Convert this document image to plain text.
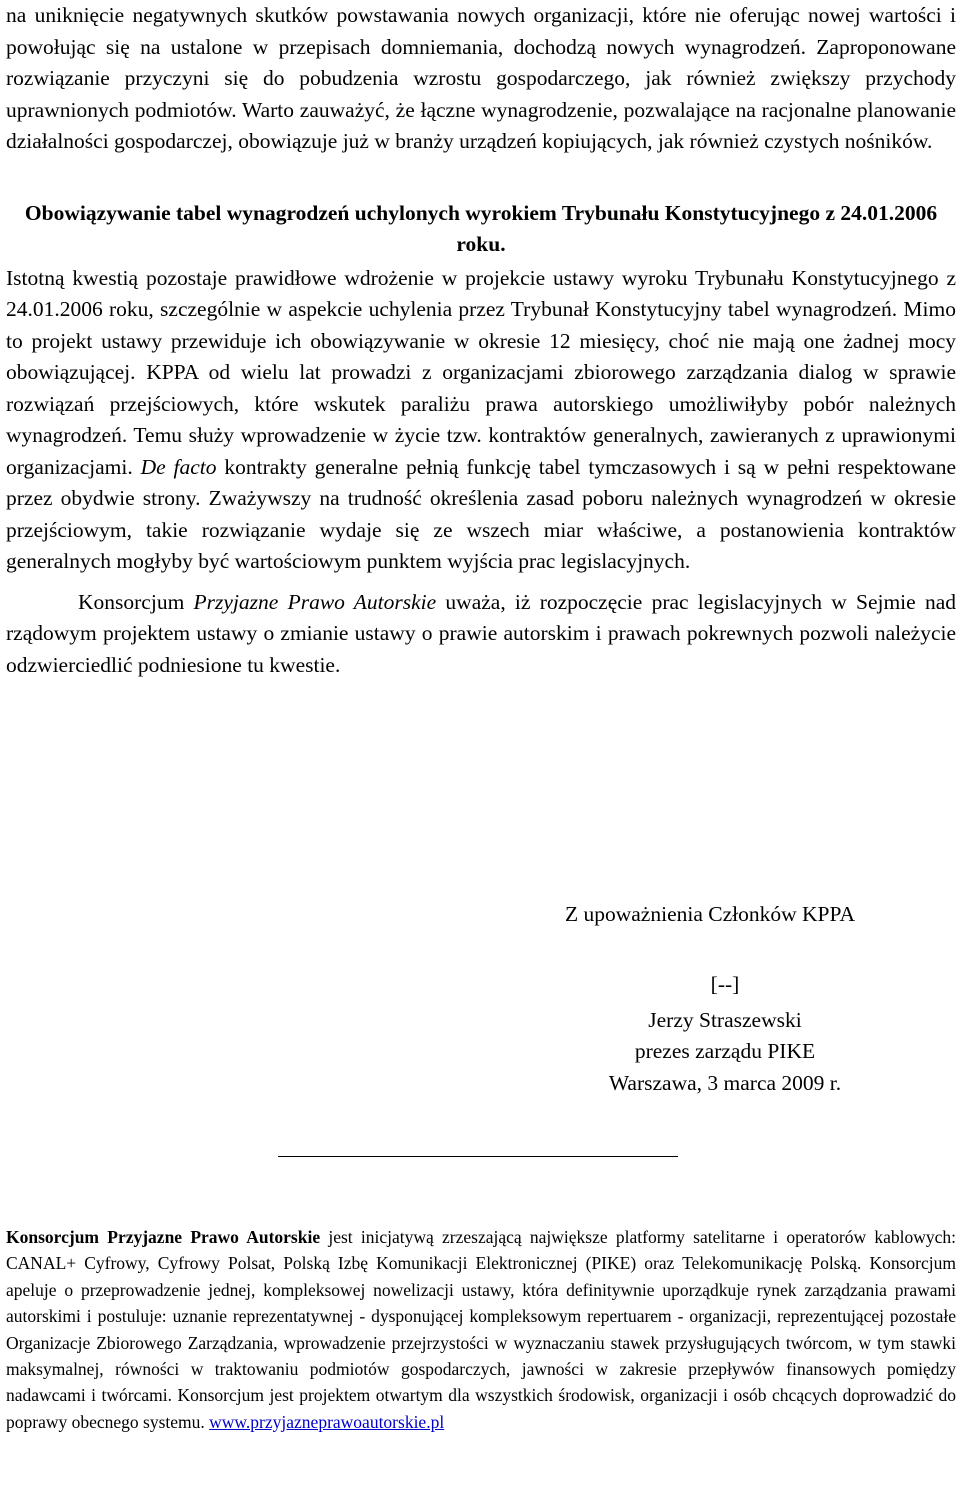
na uniknięcie negatywnych skutków powstawania nowych organizacji, które nie oferując nowej wartości i powołując się na ustalone w przepisach domniemania, dochodzą nowych wynagrodzeń. Zaproponowane rozwiązanie przyczyni się do pobudzenia wzrostu gospodarczego, jak również zwiększy przychody uprawnionych podmiotów. Warto zauważyć, że łączne wynagrodzenie, pozwalające na racjonalne planowanie działalności gospodarczej, obowiązuje już w branży urządzeń kopiujących, jak również czystych nośników.

Obowiązywanie tabel wynagrodzeń uchylonych wyrokiem Trybunału Konstytucyjnego z 24.01.2006 roku.

Istotną kwestią pozostaje prawidłowe wdrożenie w projekcie ustawy wyroku Trybunału Konstytucyjnego z 24.01.2006 roku, szczególnie w aspekcie uchylenia przez Trybunał Konstytucyjny tabel wynagrodzeń. Mimo to projekt ustawy przewiduje ich obowiązywanie w okresie 12 miesięcy, choć nie mają one żadnej mocy obowiązującej. KPPA od wielu lat prowadzi z organizacjami zbiorowego zarządzania dialog w sprawie rozwiązań przejściowych, które wskutek paraliżu prawa autorskiego umożliwiłyby pobór należnych wynagrodzeń. Temu służy wprowadzenie w życie tzw. kontraktów generalnych, zawieranych z uprawionymi organizacjami. De facto kontrakty generalne pełnią funkcję tabel tymczasowych i są w pełni respektowane przez obydwie strony. Zważywszy na trudność określenia zasad poboru należnych wynagrodzeń w okresie przejściowym, takie rozwiązanie wydaje się ze wszech miar właściwe, a postanowienia kontraktów generalnych mogłyby być wartościowym punktem wyjścia prac legislacyjnych.

Konsorcjum Przyjazne Prawo Autorskie uważa, iż rozpoczęcie prac legislacyjnych w Sejmie nad rządowym projektem ustawy o zmianie ustawy o prawie autorskim i prawach pokrewnych pozwoli należycie odzwierciedlić podniesione tu kwestie.

Z upoważnienia Członków KPPA
[--]
Jerzy Straszewski
prezes zarządu PIKE
Warszawa, 3 marca 2009 r.

Konsorcjum Przyjazne Prawo Autorskie jest inicjatywą zrzeszającą największe platformy satelitarne i operatorów kablowych: CANAL+ Cyfrowy, Cyfrowy Polsat, Polską Izbę Komunikacji Elektronicznej (PIKE) oraz Telekomunikację Polską. Konsorcjum apeluje o przeprowadzenie jednej, kompleksowej nowelizacji ustawy, która definitywnie uporządkuje rynek zarządzania prawami autorskimi i postuluje: uznanie reprezentatywnej - dysponującej kompleksowym repertuarem - organizacji, reprezentującej pozostałe Organizacje Zbiorowego Zarządzania, wprowadzenie przejrzystości w wyznaczaniu stawek przysługujących twórcom, w tym stawki maksymalnej, równości w traktowaniu podmiotów gospodarczych, jawności w zakresie przepływów finansowych pomiędzy nadawcami i twórcami. Konsorcjum jest projektem otwartym dla wszystkich środowisk, organizacji i osób chcących doprowadzić do poprawy obecnego systemu. www.przyjazneprawoautorskie.pl
